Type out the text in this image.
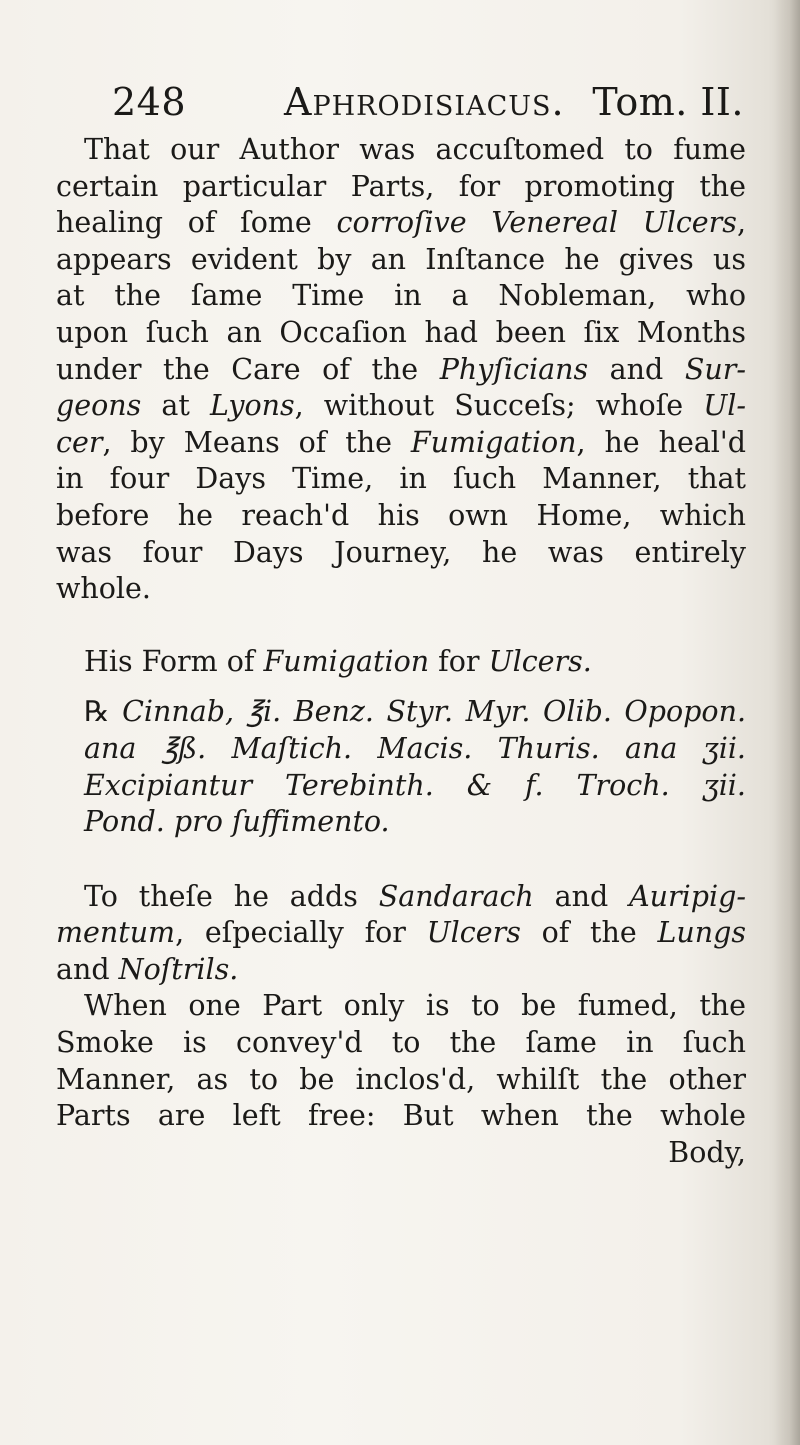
248	Aphrodisiacus. Tom. II.
That our Author was accuſtomed to fume
certain particular Parts, for promoting the
healing of ſome corroſive Venereal Ulcers,
appears evident by an Inſtance he gives us
at the ſame Time in a Nobleman, who
upon ſuch an Occaſion had been ſix Months
under the Care of the Phyſicians and Sur-
geons at Lyons, without Succeſs; whoſe Ul-
cer, by Means of the Fumigation, he heal'd
in four Days Time, in ſuch Manner, that
before he reach'd his own Home, which
was four Days Journey, he was entirely
whole.
His Form of Fumigation for Ulcers.
℞ Cinnab, ℥i. Benz. Styr. Myr. Olib. Opopon.
ana ℥ß. Maſtich. Macis. Thuris. ana ʒii.
Excipiantur Terebinth. & f. Troch. ʒii.
Pond. pro ſuffimento.
To theſe he adds Sandarach and Auripig-
mentum, eſpecially for Ulcers of the Lungs
and Noſtrils.
When one Part only is to be fumed, the
Smoke is convey'd to the ſame in ſuch
Manner, as to be inclos'd, whilſt the other
Parts are left free: But when the whole
Body,
